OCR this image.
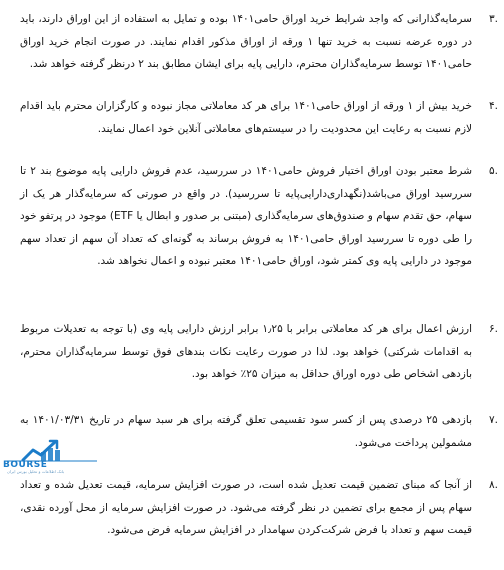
۳.
سرمایه‌گذارانی که واجد شرایط خرید اوراق حامی۱۴۰۱ بوده و تمایل به استفاده از این اوراق دارند، باید در دوره عرضه نسبت به خرید تنها ۱ ورقه از اوراق مذکور اقدام نمایند. در صورت انجام خرید اوراق حامی۱۴۰۱ توسط سرمایه‌گذاران محترم، دارایی پایه برای ایشان مطابق بند ۲ درنظر گرفته خواهد شد.
۴.
خرید بیش از ۱ ورقه از اوراق حامی۱۴۰۱ برای هر کد معاملاتی مجاز نبوده و کارگزاران محترم باید اقدام لازم نسبت به رعایت این محدودیت را در سیستم‌های معاملاتی آنلاین خود اعمال نمایند.
۵.
شرط معتبر بودن اوراق اختیار فروش حامی۱۴۰۱ در سررسید، عدم فروش دارایی پایه موضوع بند ۲ تا سررسید اوراق می‌باشد(نگهداری‌دارایی‌پایه تا سررسید). در واقع در صورتی که سرمایه‌گذار هر یک از سهام، حق تقدم سهام و صندوق‌های سرمایه‌گذاری (مبتنی بر صدور و ابطال یا ETF) موجود در پرتفو خود را طی دوره تا سررسید اوراق حامی۱۴۰۱ به فروش برساند به گونه‌ای که تعداد آن سهم از تعداد سهم موجود در دارایی پایه وی کمتر شود، اوراق حامی۱۴۰۱ معتبر نبوده و اعمال نخواهد شد.
۶.
ارزش اعمال برای هر کد معاملاتی برابر با ۱٫۲۵ برابر ارزش دارایی پایه وی (با توجه به تعدیلات مربوط به اقدامات شرکتی) خواهد بود. لذا در صورت رعایت نکات بندهای فوق توسط سرمایه‌گذاران محترم، بازدهی اشخاص طی دوره اوراق حداقل به میزان ۲۵٪ خواهد بود.
۷.
بازدهی ۲۵ درصدی پس از کسر سود تقسیمی تعلق گرفته برای هر سبد سهام در تاریخ ۱۴۰۱/۰۳/۳۱ به مشمولین پرداخت می‌شود.
۸.
از آنجا که مبنای تضمین قیمت تعدیل شده است، در صورت افزایش سرمایه، قیمت تعدیل شده و تعداد سهام پس از مجمع برای تضمین در نظر گرفته می‌شود. در صورت افزایش سرمایه از محل آورده نقدی، قیمت سهم و تعداد با فرض شرکت‌کردن سهامدار در افزایش سرمایه فرض می‌شود.
BOURSE
بانک اطلاعات و تحلیل بورس ایران
